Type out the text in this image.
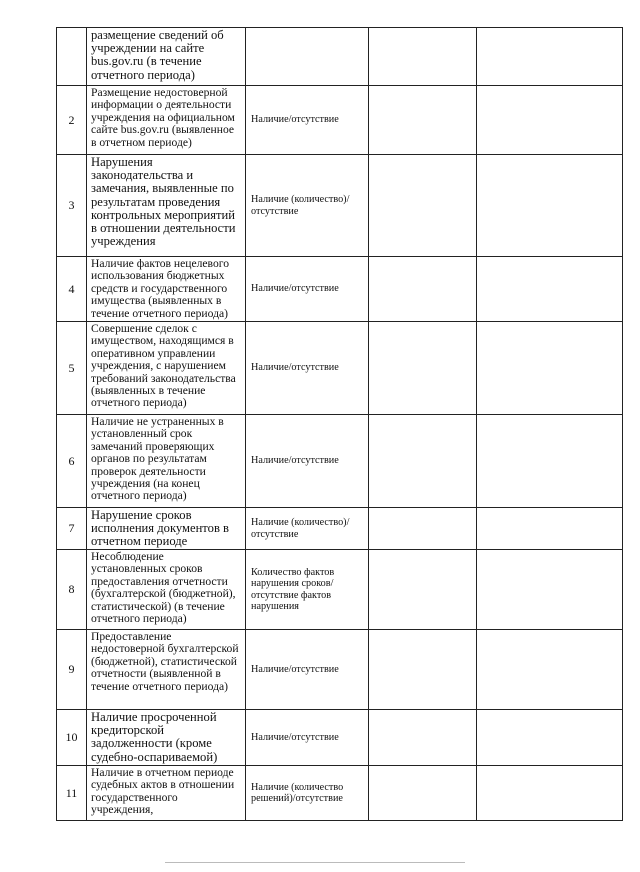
	размещение сведений об учреждении на сайте bus.gov.ru (в течение отчетного периода)			
2	Размещение недостоверной информации о деятельности учреждения на официальном сайте bus.gov.ru (выявленное в отчетном периоде)	Наличие/отсутствие		
3	Нарушения законодательства и замечания, выявленные по результатам проведения контрольных мероприятий в отношении деятельности учреждения	Наличие (количество)/ отсутствие		
4	Наличие фактов нецелевого использования бюджетных средств и государственного имущества (выявленных в течение отчетного периода)	Наличие/отсутствие		
5	Совершение сделок с имуществом, находящимся в оперативном управлении учреждения, с нарушением требований законодательства (выявленных в течение отчетного периода)	Наличие/отсутствие		
6	Наличие не устраненных в установленный срок замечаний проверяющих органов по результатам проверок деятельности учреждения (на конец отчетного периода)	Наличие/отсутствие		
7	Нарушение сроков исполнения документов в отчетном периоде	Наличие (количество)/ отсутствие		
8	Несоблюдение установленных сроков предоставления отчетности (бухгалтерской (бюджетной), статистической) (в течение отчетного периода)	Количество фактов нарушения сроков/отсутствие фактов нарушения		
9	Предоставление недостоверной бухгалтерской (бюджетной), статистической отчетности (выявленной в течение отчетного периода)	Наличие/отсутствие		
10	Наличие просроченной кредиторской задолженности (кроме судебно-оспариваемой)	Наличие/отсутствие		
11	Наличие в отчетном периоде судебных актов в отношении государственного учреждения,	Наличие (количество решений)/отсутствие		
